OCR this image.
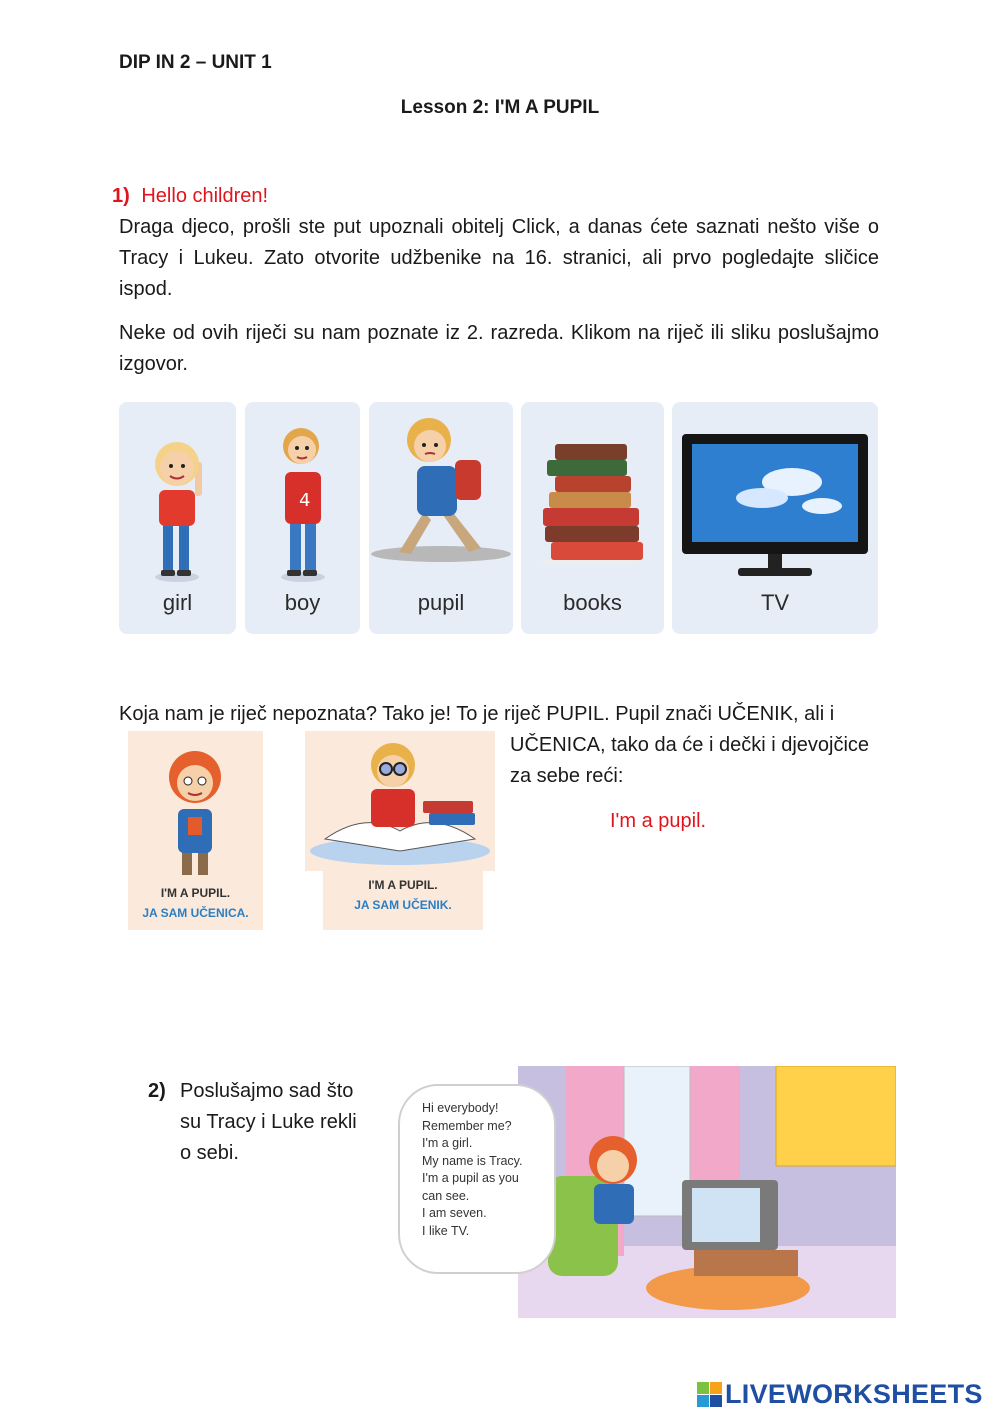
DIP IN 2 – UNIT 1
Lesson 2: I'M A PUPIL
1) Hello children!
Draga djeco, prošli ste put upoznali obitelj Click, a danas ćete saznati nešto više o Tracy i Lukeu. Zato otvorite udžbenike na 16. stranici, ali prvo pogledajte sličice ispod.
Neke od ovih riječi su nam poznate iz 2. razreda. Klikom na riječ ili sliku poslušajmo izgovor.
girl
4
boy	pupil	books	TV
Koja nam je riječ nepoznata? Tako je! To je riječ PUPIL. Pupil znači UČENIK, ali i
UČENICA, tako da će i dečki i djevojčice
za sebe reći:
I'm a pupil.
I'M A PUPIL.
JA SAM UČENICA.
I'M A PUPIL.
JA SAM UČENIK.
2) Poslušajmo sad što
su Tracy i Luke rekli
o sebi.
Hi everybody!
Remember me?
I'm a girl.
My name is Tracy.
I'm a pupil as you
can see.
I am seven.
I like TV.
LIVEWORKSHEETS
